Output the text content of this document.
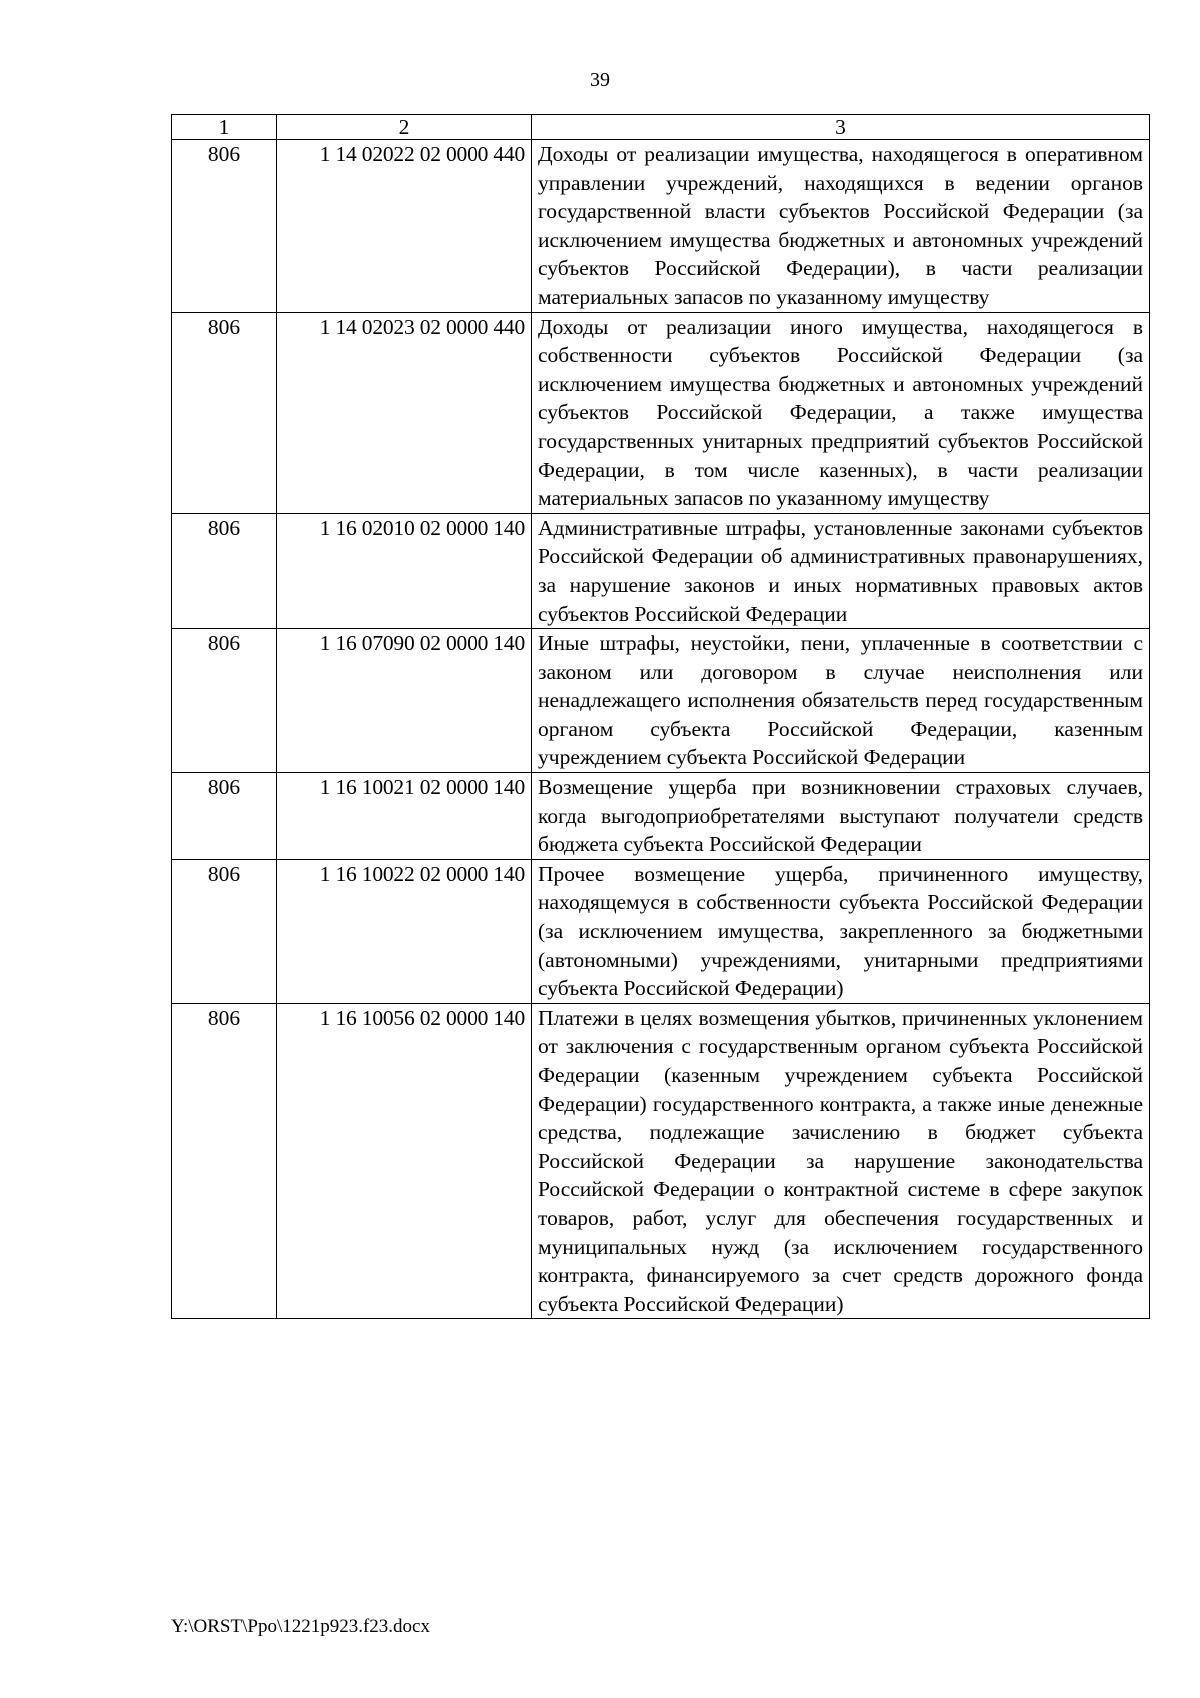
39
1	2	3
806	1 14 02022 02 0000 440	Доходы от реализации имущества, находящегося в оперативном управлении учреждений, находящихся в ведении органов государственной власти субъектов Российской Федерации (за исключением имущества бюджетных и автономных учреждений субъектов Российской Федерации), в части реализации материальных запасов по указанному имуществу
806	1 14 02023 02 0000 440	Доходы от реализации иного имущества, находящегося в собственности субъектов Российской Федерации (за исключением имущества бюджетных и автономных учреждений субъектов Российской Федерации, а также имущества государственных унитарных предприятий субъектов Российской Федерации, в том числе казенных), в части реализации материальных запасов по указанному имуществу
806	1 16 02010 02 0000 140	Административные штрафы, установленные законами субъектов Российской Федерации об административных правонарушениях, за нарушение законов и иных нормативных правовых актов субъектов Российской Федерации
806	1 16 07090 02 0000 140	Иные штрафы, неустойки, пени, уплаченные в соответствии с законом или договором в случае неисполнения или ненадлежащего исполнения обязательств перед государственным органом субъекта Российской Федерации, казенным учреждением субъекта Российской Федерации
806	1 16 10021 02 0000 140	Возмещение ущерба при возникновении страховых случаев, когда выгодоприобретателями выступают получатели средств бюджета субъекта Российской Федерации
806	1 16 10022 02 0000 140	Прочее возмещение ущерба, причиненного имуществу, находящемуся в собственности субъекта Российской Федерации (за исключением имущества, закрепленного за бюджетными (автономными) учреждениями, унитарными предприятиями субъекта Российской Федерации)
806	1 16 10056 02 0000 140	Платежи в целях возмещения убытков, причиненных уклонением от заключения с государственным органом субъекта Российской Федерации (казенным учреждением субъекта Российской Федерации) государственного контракта, а также иные денежные средства, подлежащие зачислению в бюджет субъекта Российской Федерации за нарушение законодательства Российской Федерации о контрактной системе в сфере закупок товаров, работ, услуг для обеспечения государственных и муниципальных нужд (за исключением государственного контракта, финансируемого за счет средств дорожного фонда субъекта Российской Федерации)
Y:\ORST\Ppo\1221p923.f23.docx
